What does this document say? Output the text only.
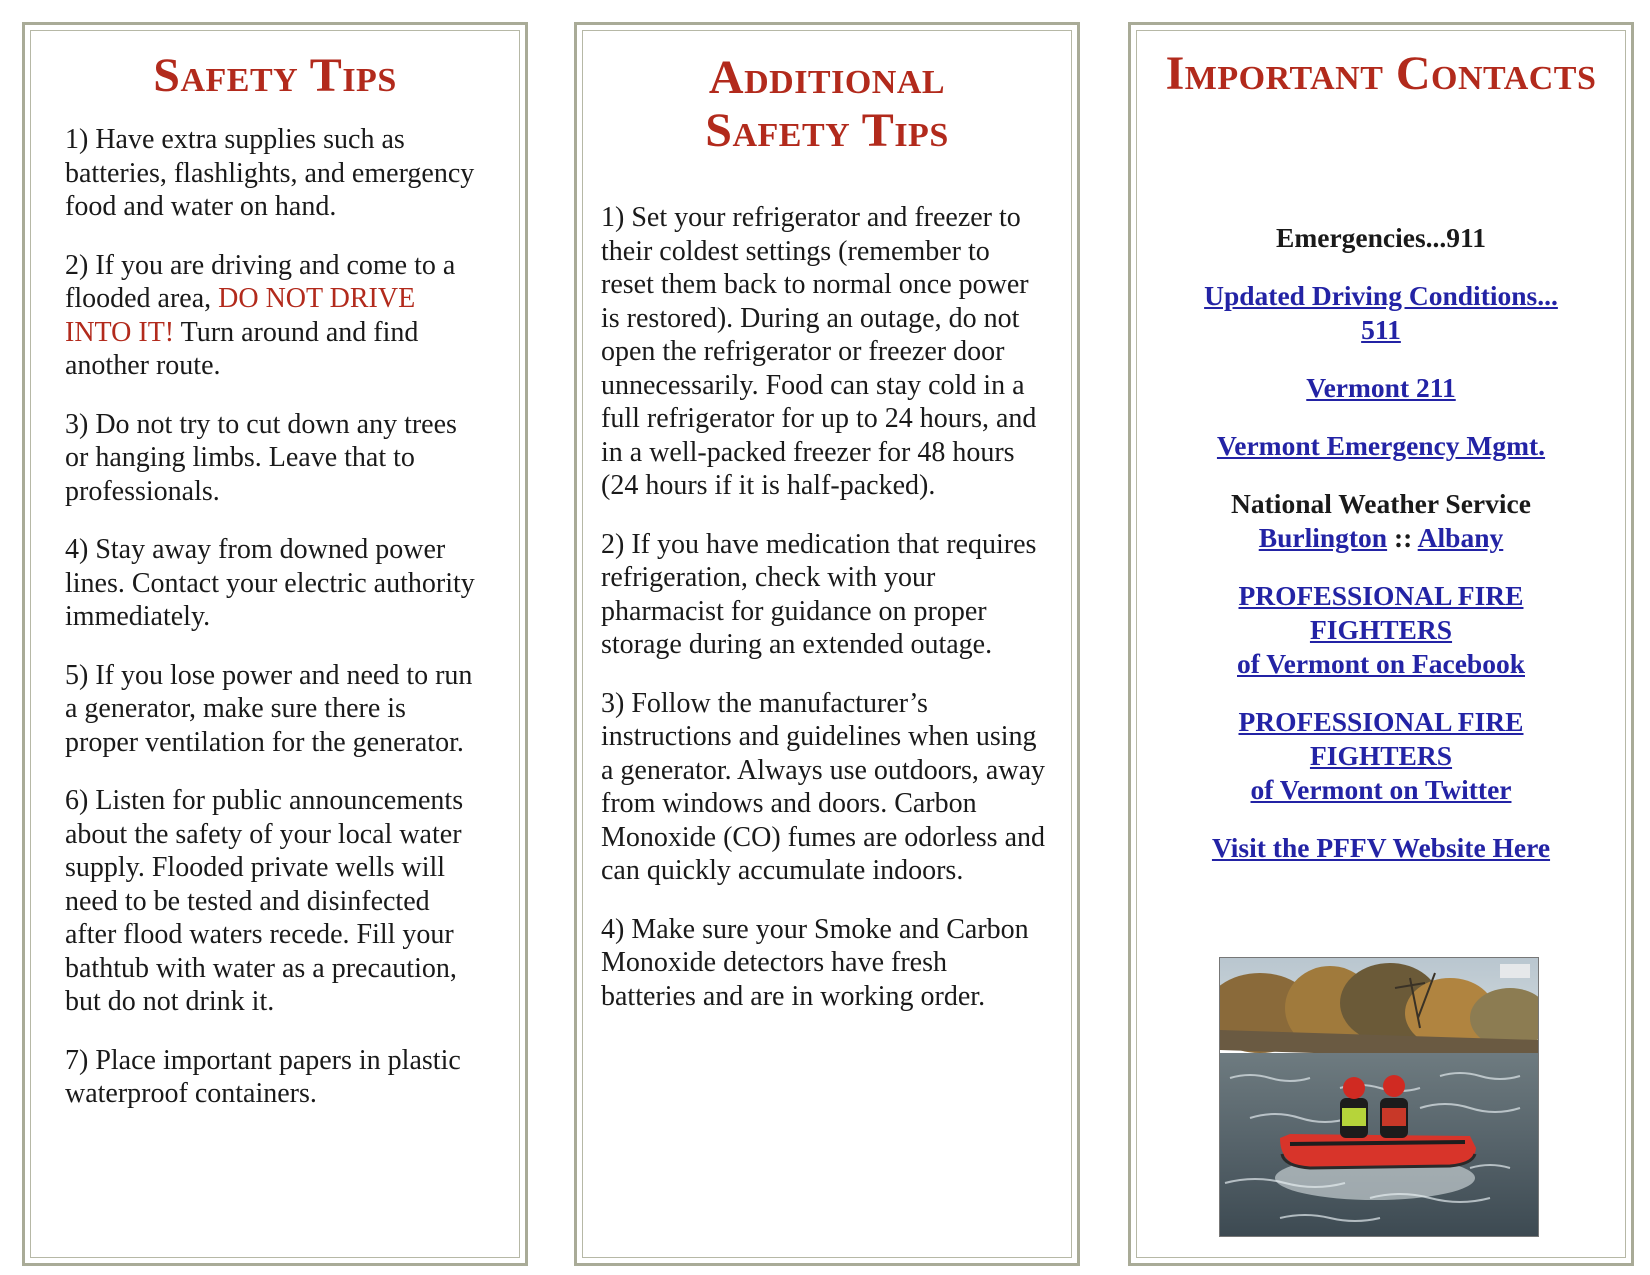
Safety Tips

1) Have extra supplies such as batteries, flashlights, and emergency food and water on hand.

2) If you are driving and come to a flooded area, DO NOT DRIVE INTO IT! Turn around and find another route.

3) Do not try to cut down any trees or hanging limbs. Leave that to professionals.

4) Stay away from downed power lines. Contact your electric authority immediately.

5) If you lose power and need to run a generator, make sure there is proper ventilation for the generator.

6) Listen for public announcements about the safety of your local water supply. Flooded private wells will need to be tested and disinfected after flood waters recede. Fill your bathtub with water as a precaution, but do not drink it.

7) Place important papers in plastic waterproof containers.

Additional Safety Tips

1) Set your refrigerator and freezer to their coldest settings (remember to reset them back to normal once power is restored). During an outage, do not open the refrigerator or freezer door unnecessarily. Food can stay cold in a full refrigerator for up to 24 hours, and in a well-packed freezer for 48 hours (24 hours if it is half-packed).

2) If you have medication that requires refrigeration, check with your pharmacist for guidance on proper storage during an extended outage.

3) Follow the manufacturer’s instructions and guidelines when using a generator. Always use outdoors, away from windows and doors. Carbon Monoxide (CO) fumes are odorless and can quickly accumulate indoors.

4) Make sure your Smoke and Carbon Monoxide detectors have fresh batteries and are in working order.

Important Contacts
Emergencies...911
Updated Driving Conditions...
511
Vermont 211
Vermont Emergency Mgmt.
National Weather Service
Burlington :: Albany
PROFESSIONAL FIRE
FIGHTERS
of Vermont on Facebook
PROFESSIONAL FIRE
FIGHTERS
of Vermont on Twitter
Visit the PFFV Website Here
